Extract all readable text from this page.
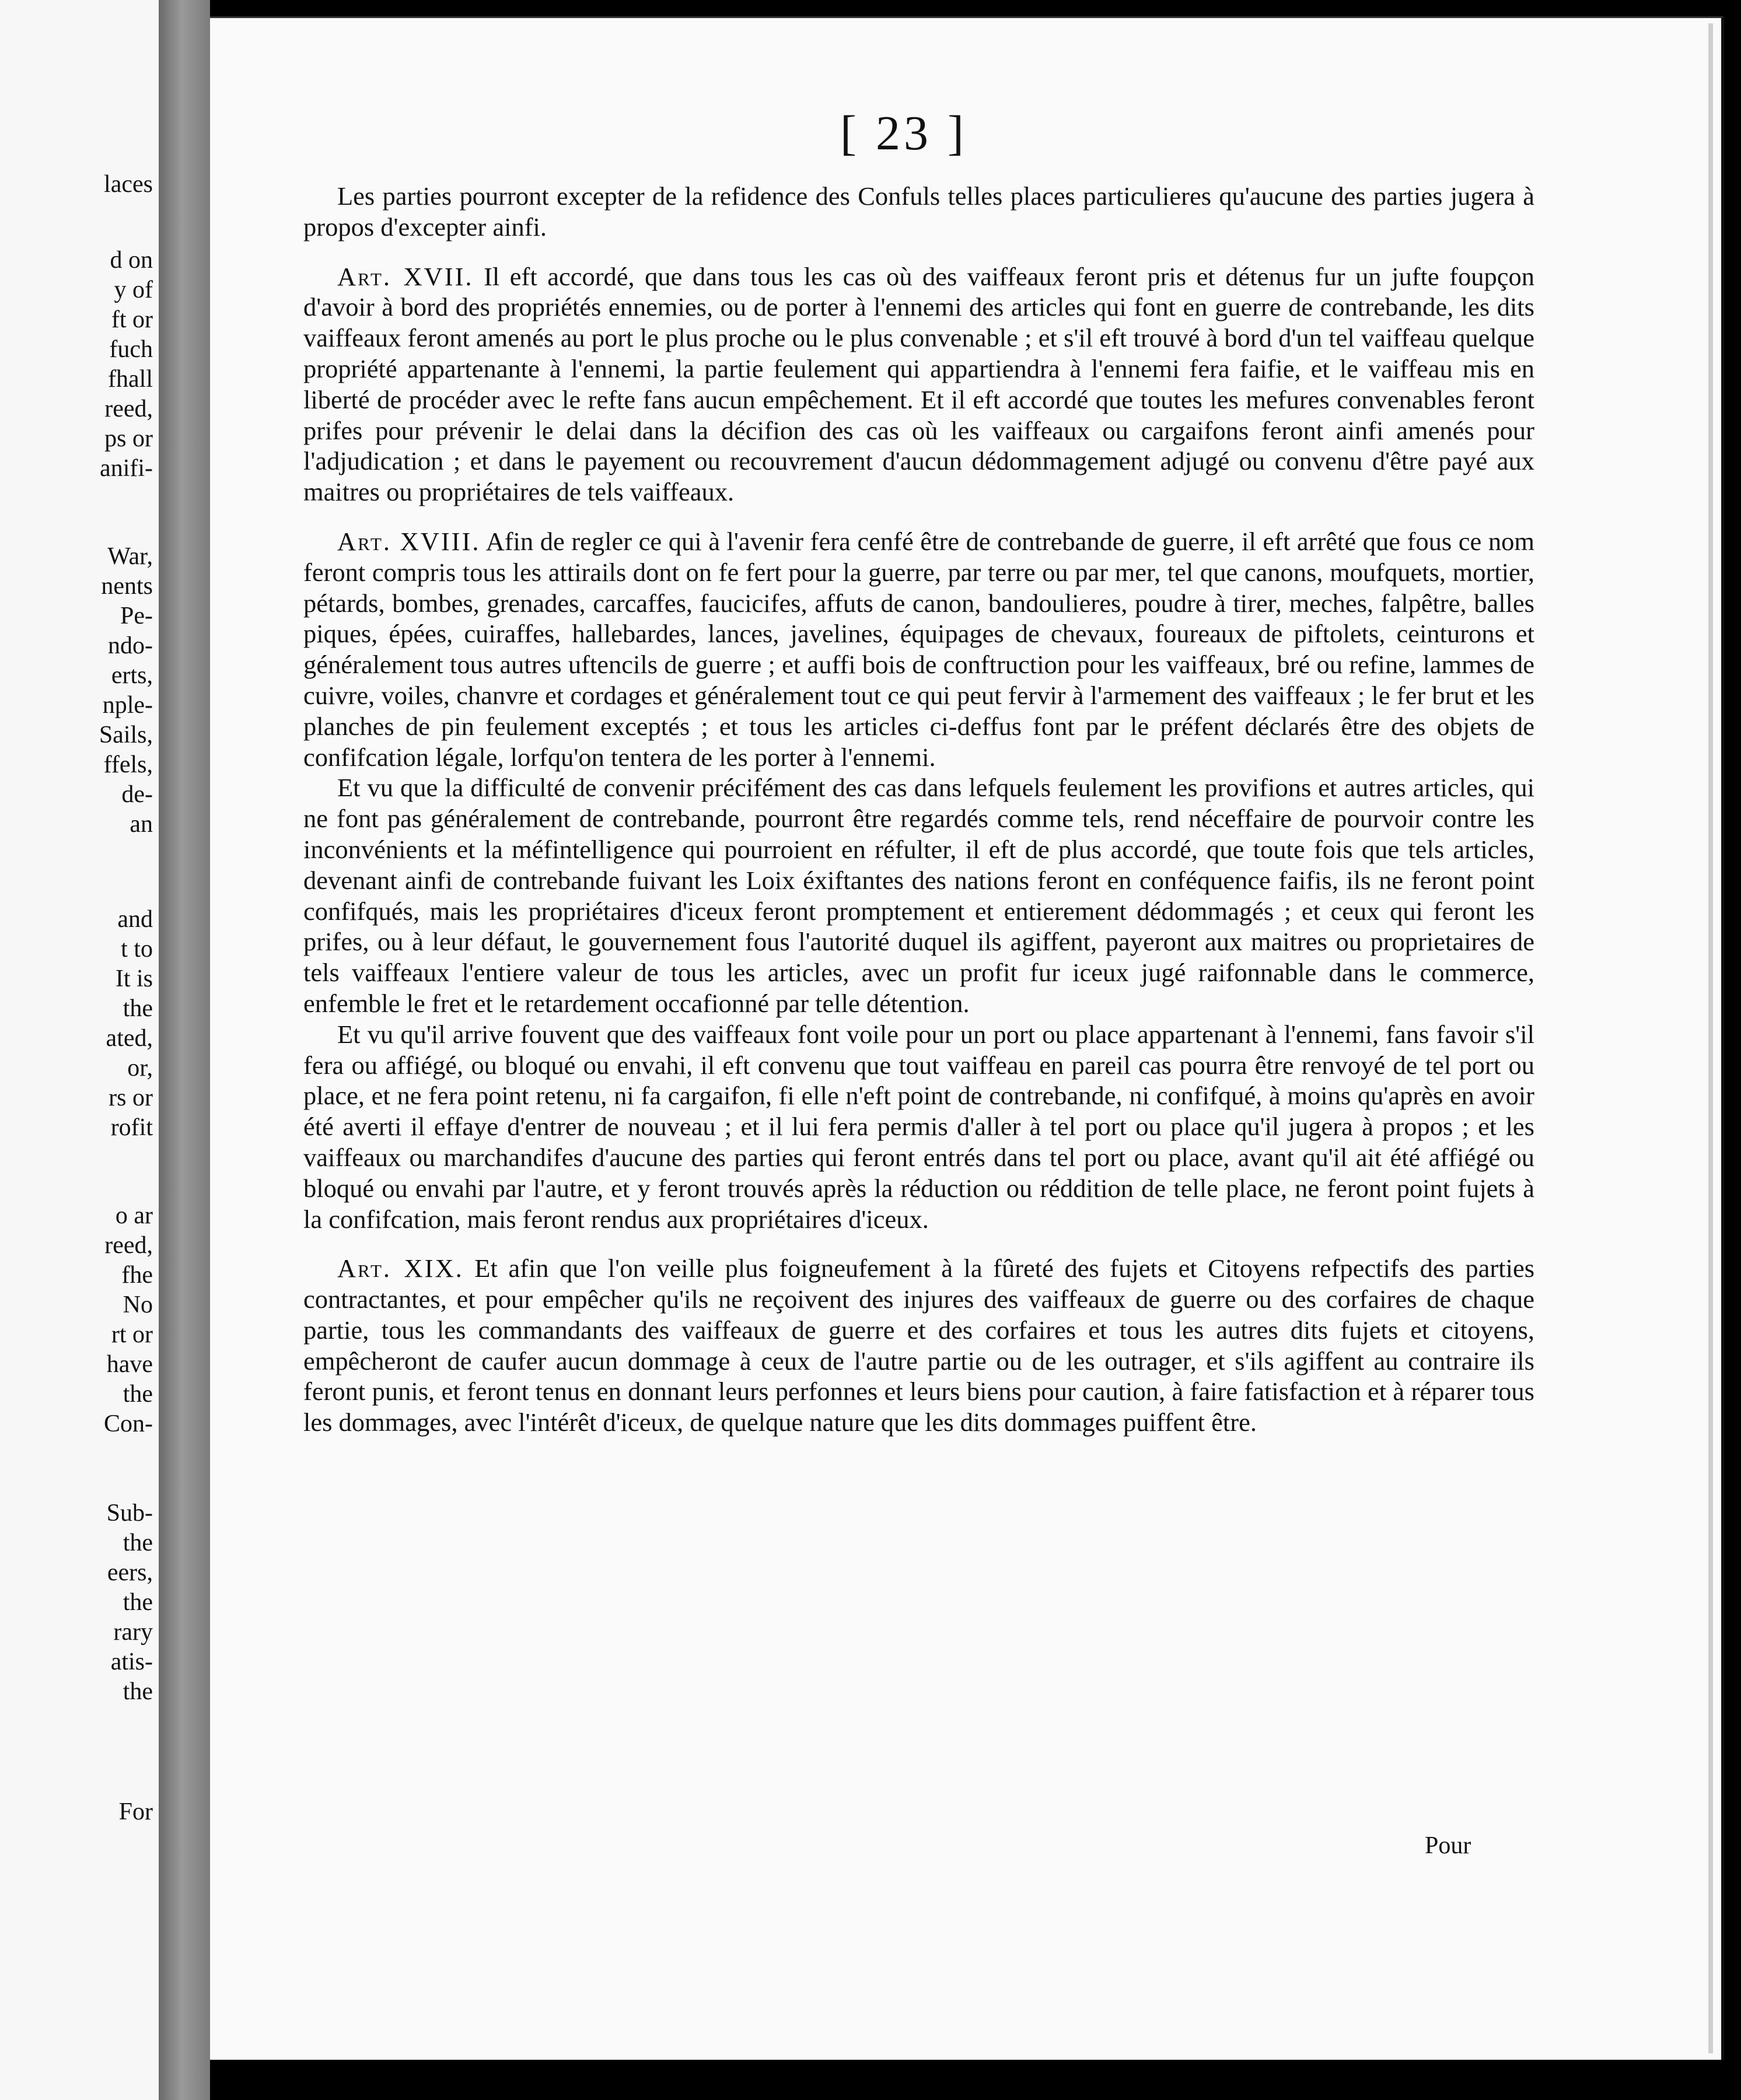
laces
d on
y of
ft or
fuch
fhall
reed,
ps or
anifi-
War,
nents
Pe-
ndo-
erts,
nple-
Sails,
ffels,
de-
an
and
t to
It is
the
ated,
or,
rs or
rofit
o ar
reed,
fhe
No
rt or
have
the
Con-
Sub-
the
eers,
the
rary
atis-
the
For
[ 23 ]

Les parties pourront excepter de la refidence des Confuls telles places particulieres qu'aucune des parties jugera à propos d'excepter ainfi.

Art. XVII. Il eft accordé, que dans tous les cas où des vaiffeaux feront pris et détenus fur un jufte foupçon d'avoir à bord des propriétés ennemies, ou de porter à l'ennemi des articles qui font en guerre de contrebande, les dits vaiffeaux feront amenés au port le plus proche ou le plus convenable ; et s'il eft trouvé à bord d'un tel vaiffeau quelque propriété appartenante à l'ennemi, la partie feulement qui appartiendra à l'ennemi fera faifie, et le vaiffeau mis en liberté de procéder avec le refte fans aucun empêchement. Et il eft accordé que toutes les mefures convenables feront prifes pour prévenir le delai dans la décifion des cas où les vaiffeaux ou cargaifons feront ainfi amenés pour l'adjudication ; et dans le payement ou recouvrement d'aucun dédommagement adjugé ou convenu d'être payé aux maitres ou propriétaires de tels vaiffeaux.

Art. XVIII. Afin de regler ce qui à l'avenir fera cenfé être de contrebande de guerre, il eft arrêté que fous ce nom feront compris tous les attirails dont on fe fert pour la guerre, par terre ou par mer, tel que canons, moufquets, mortier, pétards, bombes, grenades, carcaffes, faucicifes, affuts de canon, bandoulieres, poudre à tirer, meches, falpêtre, balles piques, épées, cuiraffes, hallebardes, lances, javelines, équipages de chevaux, foureaux de piftolets, ceinturons et généralement tous autres uftencils de guerre ; et auffi bois de conftruction pour les vaiffeaux, bré ou refine, lammes de cuivre, voiles, chanvre et cordages et généralement tout ce qui peut fervir à l'armement des vaiffeaux ; le fer brut et les planches de pin feulement exceptés ; et tous les articles ci-deffus font par le préfent déclarés être des objets de confifcation légale, lorfqu'on tentera de les porter à l'ennemi.

Et vu que la difficulté de convenir précifément des cas dans lefquels feulement les provifions et autres articles, qui ne font pas généralement de contrebande, pourront être regardés comme tels, rend néceffaire de pourvoir contre les inconvénients et la méfintelligence qui pourroient en réfulter, il eft de plus accordé, que toute fois que tels articles, devenant ainfi de contrebande fuivant les Loix éxiftantes des nations feront en conféquence faifis, ils ne feront point confifqués, mais les propriétaires d'iceux feront promptement et entierement dédommagés ; et ceux qui feront les prifes, ou à leur défaut, le gouvernement fous l'autorité duquel ils agiffent, payeront aux maitres ou proprietaires de tels vaiffeaux l'entiere valeur de tous les articles, avec un profit fur iceux jugé raifonnable dans le commerce, enfemble le fret et le retardement occafionné par telle détention.

Et vu qu'il arrive fouvent que des vaiffeaux font voile pour un port ou place appartenant à l'ennemi, fans favoir s'il fera ou affiégé, ou bloqué ou envahi, il eft convenu que tout vaiffeau en pareil cas pourra être renvoyé de tel port ou place, et ne fera point retenu, ni fa cargaifon, fi elle n'eft point de contrebande, ni confifqué, à moins qu'après en avoir été averti il effaye d'entrer de nouveau ; et il lui fera permis d'aller à tel port ou place qu'il jugera à propos ; et les vaiffeaux ou marchandifes d'aucune des parties qui feront entrés dans tel port ou place, avant qu'il ait été affiégé ou bloqué ou envahi par l'autre, et y feront trouvés après la réduction ou réddition de telle place, ne feront point fujets à la confifcation, mais feront rendus aux propriétaires d'iceux.

Art. XIX. Et afin que l'on veille plus foigneufement à la fûreté des fujets et Citoyens refpectifs des parties contractantes, et pour empêcher qu'ils ne reçoivent des injures des vaiffeaux de guerre ou des corfaires de chaque partie, tous les commandants des vaiffeaux de guerre et des corfaires et tous les autres dits fujets et citoyens, empêcheront de caufer aucun dommage à ceux de l'autre partie ou de les outrager, et s'ils agiffent au contraire ils feront punis, et feront tenus en donnant leurs perfonnes et leurs biens pour caution, à faire fatisfaction et à réparer tous les dommages, avec l'intérêt d'iceux, de quelque nature que les dits dommages puiffent être.

Pour
